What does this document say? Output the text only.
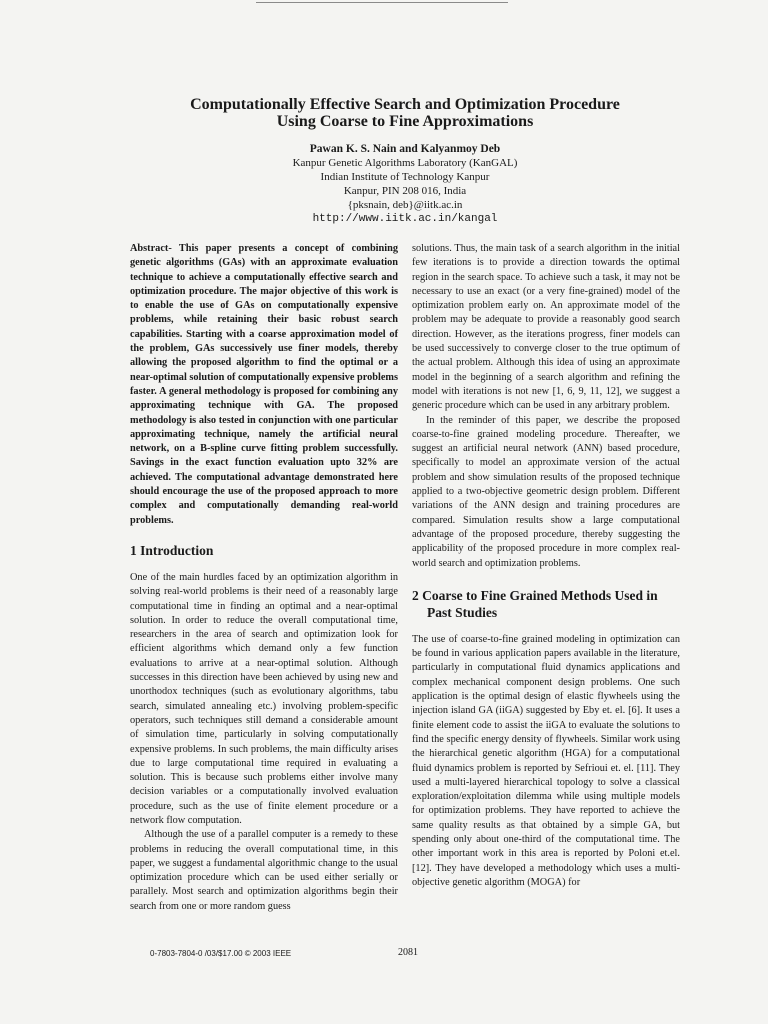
Computationally Effective Search and Optimization Procedure
Using Coarse to Fine Approximations
Pawan K. S. Nain and Kalyanmoy Deb
Kanpur Genetic Algorithms Laboratory (KanGAL)
Indian Institute of Technology Kanpur
Kanpur, PIN 208 016, India
{pksnain, deb}@iitk.ac.in
http://www.iitk.ac.in/kangal

Abstract- This paper presents a concept of combining genetic algorithms (GAs) with an approximate evaluation technique to achieve a computationally effective search and optimization procedure. The major objective of this work is to enable the use of GAs on computationally expensive problems, while retaining their basic robust search capabilities. Starting with a coarse approximation model of the problem, GAs successively use finer models, thereby allowing the proposed algorithm to find the optimal or a near-optimal solution of computationally expensive problems faster. A general methodology is proposed for combining any approximating technique with GA. The proposed methodology is also tested in conjunction with one particular approximating technique, namely the artificial neural network, on a B-spline curve fitting problem successfully. Savings in the exact function evaluation upto 32% are achieved. The computational advantage demonstrated here should encourage the use of the proposed approach to more complex and computationally demanding real-world problems.

1 Introduction

One of the main hurdles faced by an optimization algorithm in solving real-world problems is their need of a reasonably large computational time in finding an optimal and a near-optimal solution. In order to reduce the overall computational time, researchers in the area of search and optimization look for efficient algorithms which demand only a few function evaluations to arrive at a near-optimal solution. Although successes in this direction have been achieved by using new and unorthodox techniques (such as evolutionary algorithms, tabu search, simulated annealing etc.) involving problem-specific operators, such techniques still demand a considerable amount of simulation time, particularly in solving computationally expensive problems. In such problems, the main difficulty arises due to large computational time required in evaluating a solution. This is because such problems either involve many decision variables or a computationally involved evaluation procedure, such as the use of finite element procedure or a network flow computation.

Although the use of a parallel computer is a remedy to these problems in reducing the overall computational time, in this paper, we suggest a fundamental algorithmic change to the usual optimization procedure which can be used either serially or parallely. Most search and optimization algorithms begin their search from one or more random guess

solutions. Thus, the main task of a search algorithm in the initial few iterations is to provide a direction towards the optimal region in the search space. To achieve such a task, it may not be necessary to use an exact (or a very fine-grained) model of the optimization problem early on. An approximate model of the problem may be adequate to provide a reasonably good search direction. However, as the iterations progress, finer models can be used successively to converge closer to the true optimum of the actual problem. Although this idea of using an approximate model in the beginning of a search algorithm and refining the model with iterations is not new [1, 6, 9, 11, 12], we suggest a generic procedure which can be used in any arbitrary problem.

In the reminder of this paper, we describe the proposed coarse-to-fine grained modeling procedure. Thereafter, we suggest an artificial neural network (ANN) based procedure, specifically to model an approximate version of the actual problem and show simulation results of the proposed technique applied to a two-objective geometric design problem. Different variations of the ANN design and training procedures are compared. Simulation results show a large computational advantage of the proposed procedure, thereby suggesting the applicability of the proposed procedure in more complex real-world search and optimization problems.

2 Coarse to Fine Grained Methods Used in
Past Studies

The use of coarse-to-fine grained modeling in optimization can be found in various application papers available in the literature, particularly in computational fluid dynamics applications and complex mechanical component design problems. One such application is the optimal design of elastic flywheels using the injection island GA (iiGA) suggested by Eby et. el. [6]. It uses a finite element code to assist the iiGA to evaluate the solutions to find the specific energy density of flywheels. Similar work using the hierarchical genetic algorithm (HGA) for a computational fluid dynamics problem is reported by Sefrioui et. el. [11]. They used a multi-layered hierarchical topology to solve a classical exploration/exploitation dilemma while using multiple models for optimization problems. They have reported to achieve the same quality results as that obtained by a simple GA, but spending only about one-third of the computational time. The other important work in this area is reported by Poloni et.el. [12]. They have developed a methodology which uses a multi-objective genetic algorithm (MOGA) for

0-7803-7804-0 /03/$17.00 © 2003 IEEE	2081
